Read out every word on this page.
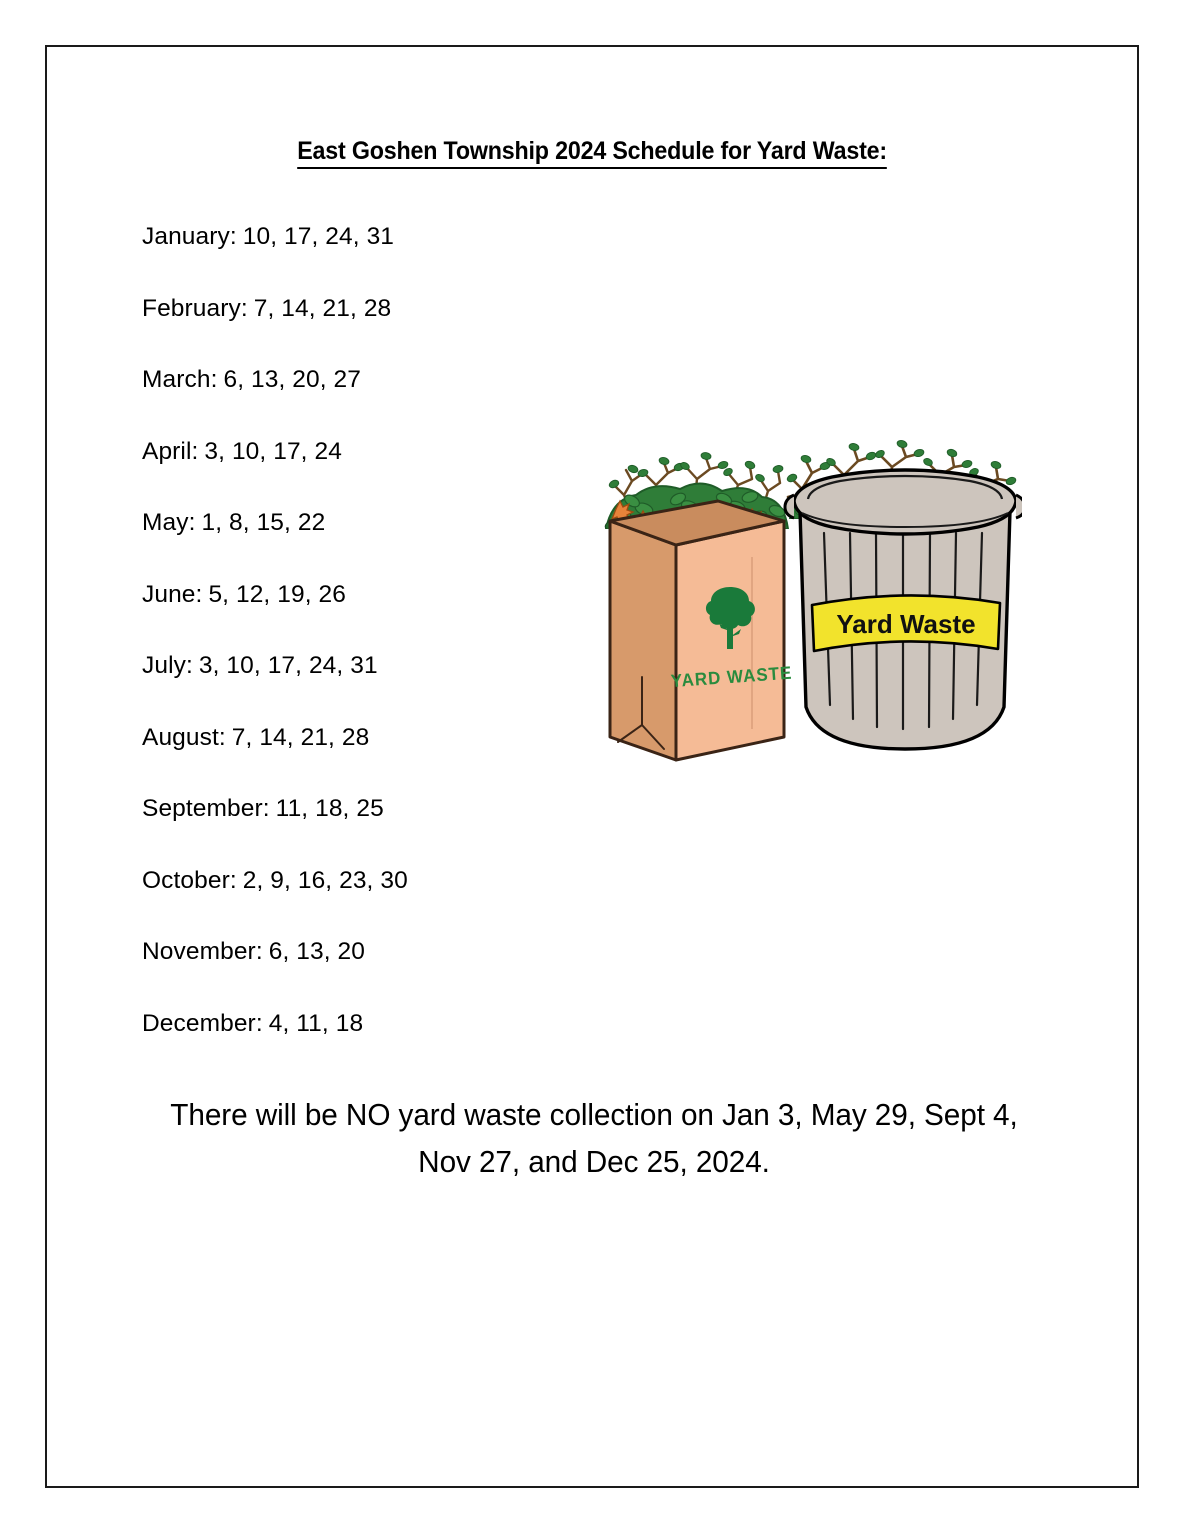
East Goshen Township 2024 Schedule for Yard Waste:
January: 10, 17, 24, 31
February: 7, 14, 21, 28
March: 6, 13, 20, 27
April: 3, 10, 17, 24
May: 1, 8, 15, 22
June: 5, 12, 19, 26
July: 3, 10, 17, 24, 31
August: 7, 14, 21, 28
September: 11, 18, 25
October: 2, 9, 16, 23, 30
November: 6, 13, 20
December: 4, 11, 18
There will be NO yard waste collection on Jan 3, May 29, Sept 4,
Nov 27, and Dec 25, 2024.
YARD WASTE
Yard Waste
